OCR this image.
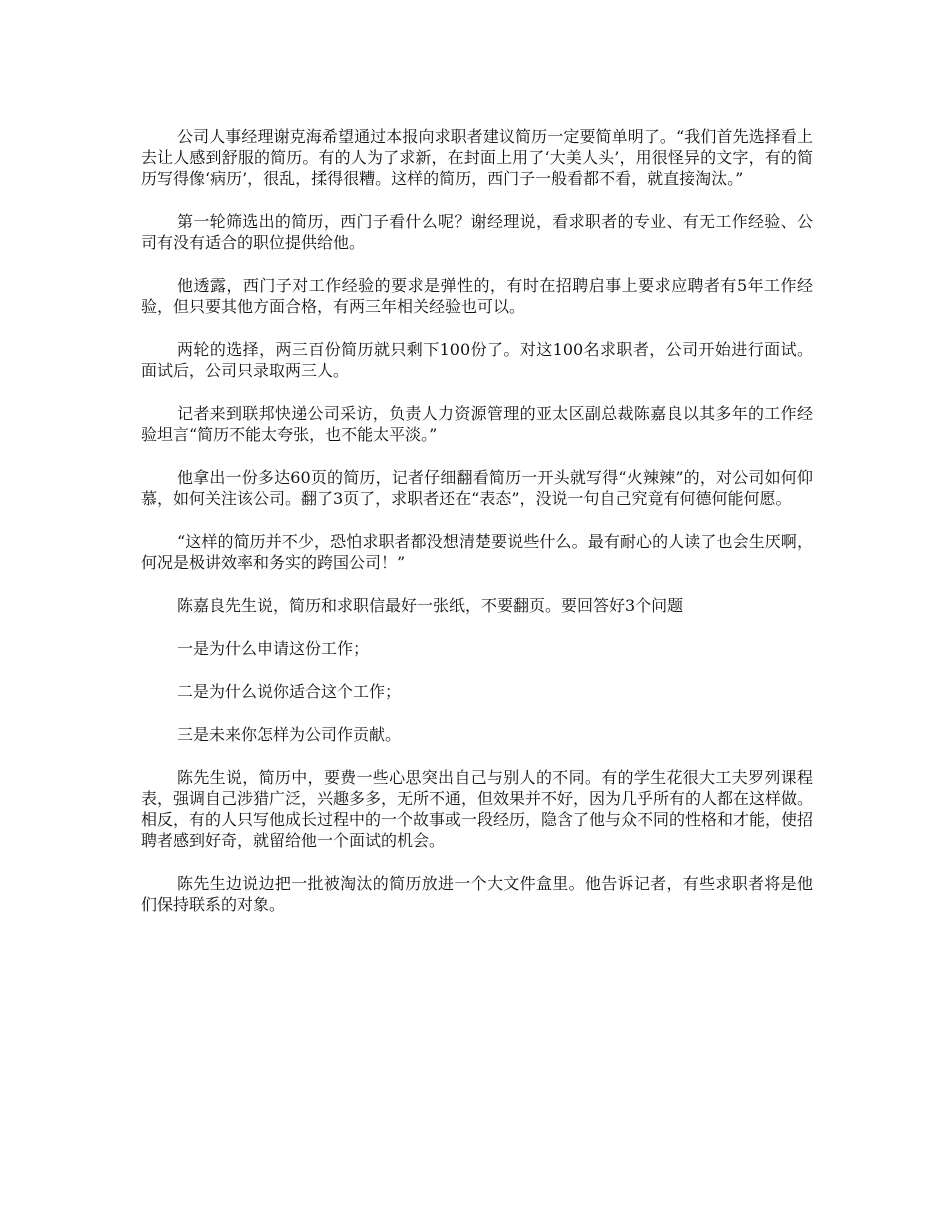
公司人事经理谢克海希望通过本报向求职者建议简历一定要简单明了。“我们首先选择看上去让人感到舒服的简历。有的人为了求新，在封面上用了‘大美人头’，用很怪异的文字，有的简历写得像‘病历’，很乱，揉得很糟。这样的简历，西门子一般看都不看，就直接淘汰。”

第一轮筛选出的简历，西门子看什么呢？谢经理说，看求职者的专业、有无工作经验、公司有没有适合的职位提供给他。

他透露，西门子对工作经验的要求是弹性的，有时在招聘启事上要求应聘者有5年工作经验，但只要其他方面合格，有两三年相关经验也可以。

两轮的选择，两三百份简历就只剩下100份了。对这100名求职者，公司开始进行面试。面试后，公司只录取两三人。

记者来到联邦快递公司采访，负责人力资源管理的亚太区副总裁陈嘉良以其多年的工作经验坦言“简历不能太夸张，也不能太平淡。”

他拿出一份多达60页的简历，记者仔细翻看简历一开头就写得“火辣辣”的，对公司如何仰慕，如何关注该公司。翻了3页了，求职者还在“表态”，没说一句自己究竟有何德何能何愿。

“这样的简历并不少，恐怕求职者都没想清楚要说些什么。最有耐心的人读了也会生厌啊，何况是极讲效率和务实的跨国公司！”

陈嘉良先生说，简历和求职信最好一张纸，不要翻页。要回答好3个问题

一是为什么申请这份工作；

二是为什么说你适合这个工作；

三是未来你怎样为公司作贡献。

陈先生说，简历中，要费一些心思突出自己与别人的不同。有的学生花很大工夫罗列课程表，强调自己涉猎广泛，兴趣多多，无所不通，但效果并不好，因为几乎所有的人都在这样做。相反，有的人只写他成长过程中的一个故事或一段经历，隐含了他与众不同的性格和才能，使招聘者感到好奇，就留给他一个面试的机会。

陈先生边说边把一批被淘汰的简历放进一个大文件盒里。他告诉记者，有些求职者将是他们保持联系的对象。
